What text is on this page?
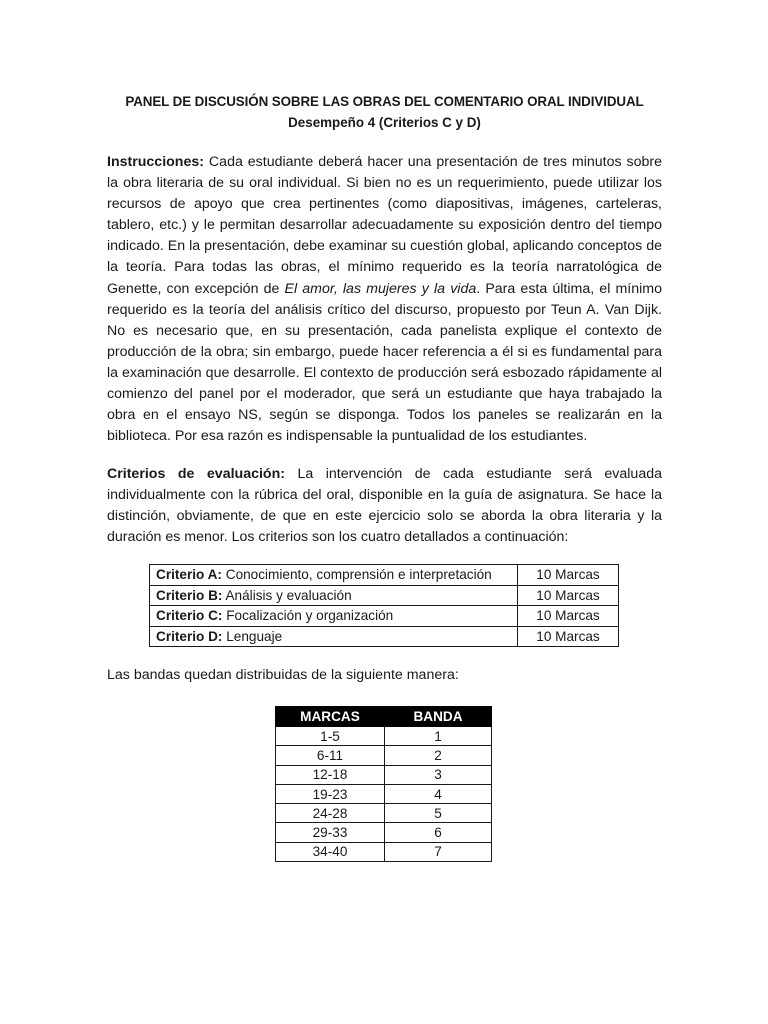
PANEL DE DISCUSIÓN SOBRE LAS OBRAS DEL COMENTARIO ORAL INDIVIDUAL
Desempeño 4 (Criterios C y D)

Instrucciones: Cada estudiante deberá hacer una presentación de tres minutos sobre la obra literaria de su oral individual. Si bien no es un requerimiento, puede utilizar los recursos de apoyo que crea pertinentes (como diapositivas, imágenes, carteleras, tablero, etc.) y le permitan desarrollar adecuadamente su exposición dentro del tiempo indicado. En la presentación, debe examinar su cuestión global, aplicando conceptos de la teoría. Para todas las obras, el mínimo requerido es la teoría narratológica de Genette, con excepción de El amor, las mujeres y la vida. Para esta última, el mínimo requerido es la teoría del análisis crítico del discurso, propuesto por Teun A. Van Dijk. No es necesario que, en su presentación, cada panelista explique el contexto de producción de la obra; sin embargo, puede hacer referencia a él si es fundamental para la examinación que desarrolle. El contexto de producción será esbozado rápidamente al comienzo del panel por el moderador, que será un estudiante que haya trabajado la obra en el ensayo NS, según se disponga. Todos los paneles se realizarán en la biblioteca. Por esa razón es indispensable la puntualidad de los estudiantes.

Criterios de evaluación: La intervención de cada estudiante será evaluada individualmente con la rúbrica del oral, disponible en la guía de asignatura. Se hace la distinción, obviamente, de que en este ejercicio solo se aborda la obra literaria y la duración es menor. Los criterios son los cuatro detallados a continuación:

Criterio A: Conocimiento, comprensión e interpretación	10 Marcas
Criterio B: Análisis y evaluación	10 Marcas
Criterio C: Focalización y organización	10 Marcas
Criterio D: Lenguaje	10 Marcas

Las bandas quedan distribuidas de la siguiente manera:

MARCAS	BANDA
1-5	1
6-11	2
12-18	3
19-23	4
24-28	5
29-33	6
34-40	7
